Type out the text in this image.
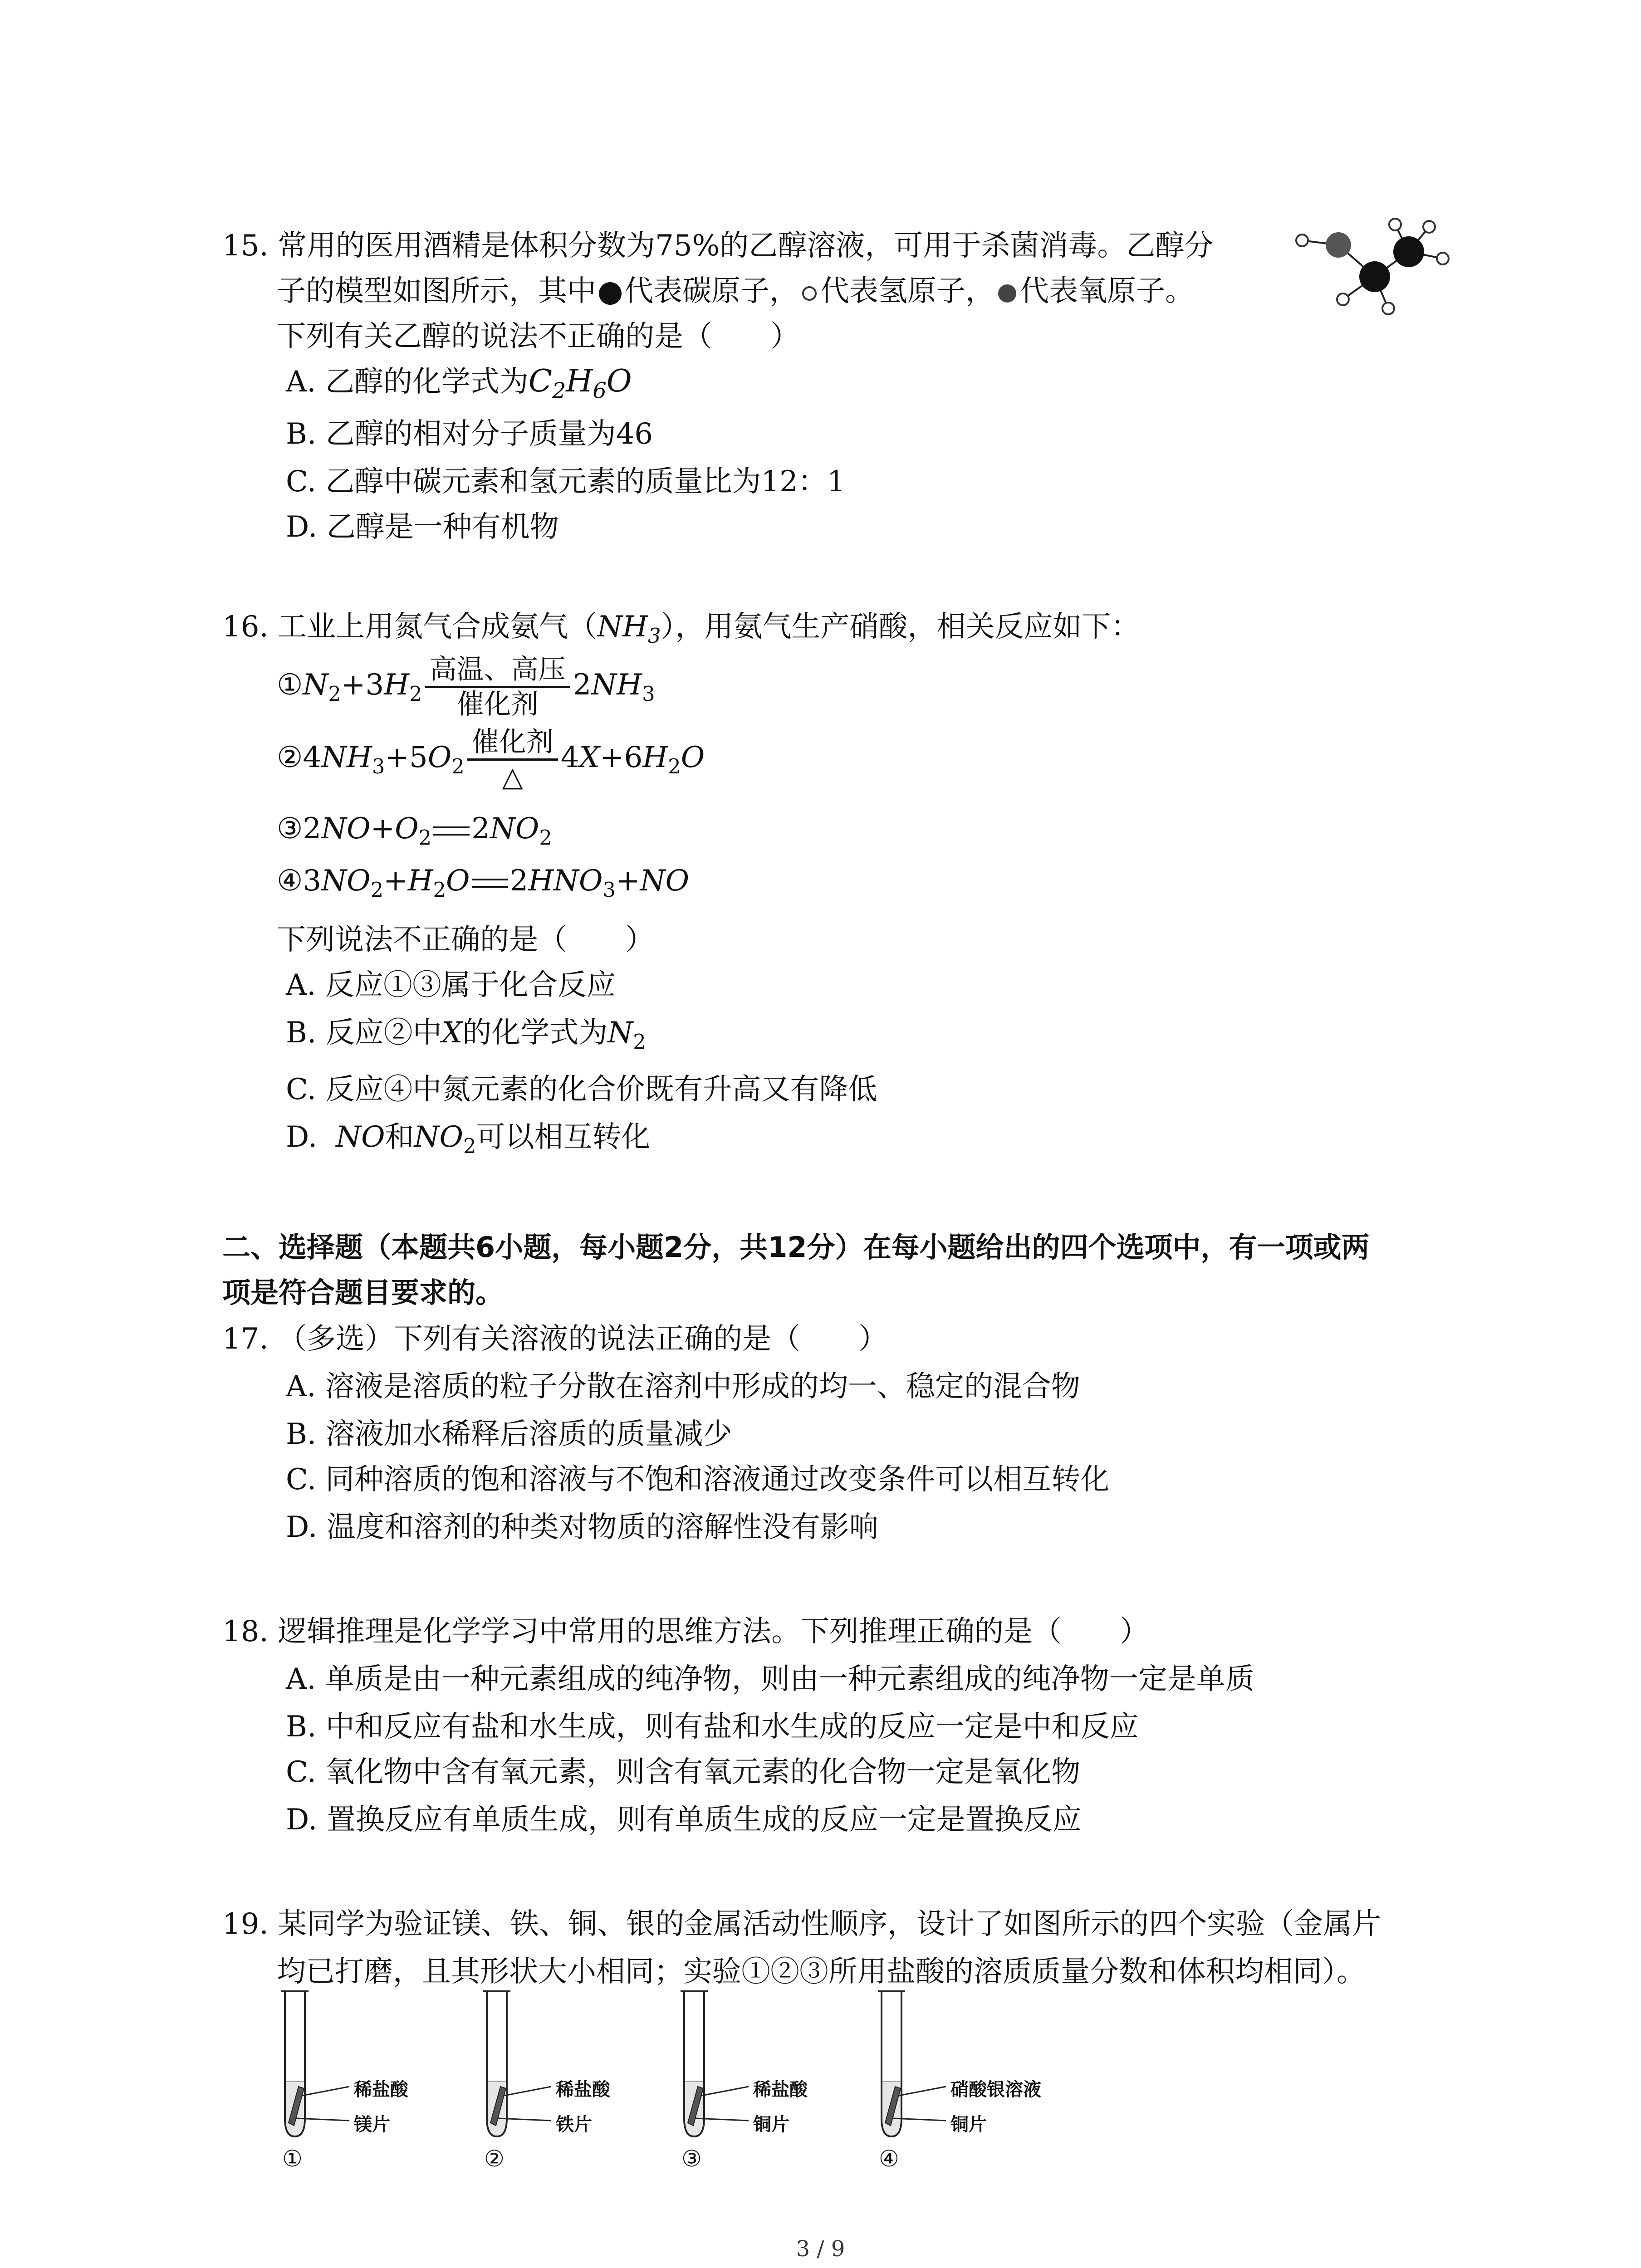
15. 常用的医用酒精是体积分数为75%的乙醇溶液，可用于杀菌消毒。乙醇分
子的模型如图所示，其中 代表碳原子， 代表氢原子， 代表氧原子。
下列有关乙醇的说法不正确的是（　　）
A. 乙醇的化学式为$C_2H_6O$
B. 乙醇的相对分子质量为46
C. 乙醇中碳元素和氢元素的质量比为12：1
D. 乙醇是一种有机物
16. 工业上用氮气合成氨气$(NH_3)$，用氨气生产硝酸，相关反应如下：
$①N_2+3H_2$
高温、高压
催化剂
$2NH_3$
$②4NH_3+5O_2$
催化剂
△
$4X+6H_2O$
$③2NO+O_2$ $2NO_2$
$④3NO_2+H_2O$ $2HNO_3+NO$
下列说法不正确的是（　　）
A. 反应①③属于化合反应
B. 反应②中X的化学式为$N_2$
C. 反应④中氮元素的化合价既有升高又有降低
D.  NO和$NO_2$可以相互转化
二、选择题（本题共6小题，每小题2分，共12分）在每小题给出的四个选项中，有一项或两
项是符合题目要求的。
17. （多选）下列有关溶液的说法正确的是（　　）
A. 溶液是溶质的粒子分散在溶剂中形成的均一、稳定的混合物
B. 溶液加水稀释后溶质的质量减少
C. 同种溶质的饱和溶液与不饱和溶液通过改变条件可以相互转化
D. 温度和溶剂的种类对物质的溶解性没有影响
18. 逻辑推理是化学学习中常用的思维方法。下列推理正确的是（　　）
A. 单质是由一种元素组成的纯净物，则由一种元素组成的纯净物一定是单质
B. 中和反应有盐和水生成，则有盐和水生成的反应一定是中和反应
C. 氧化物中含有氧元素，则含有氧元素的化合物一定是氧化物
D. 置换反应有单质生成，则有单质生成的反应一定是置换反应
19. 某同学为验证镁、铁、铜、银的金属活动性顺序，设计了如图所示的四个实验（金属片
均已打磨，且其形状大小相同；实验①②③所用盐酸的溶质质量分数和体积均相同）。
稀盐酸
镁片
①
稀盐酸
铁片
②
稀盐酸
铜片
③
硝酸银溶液
铜片
④
3 / 9
